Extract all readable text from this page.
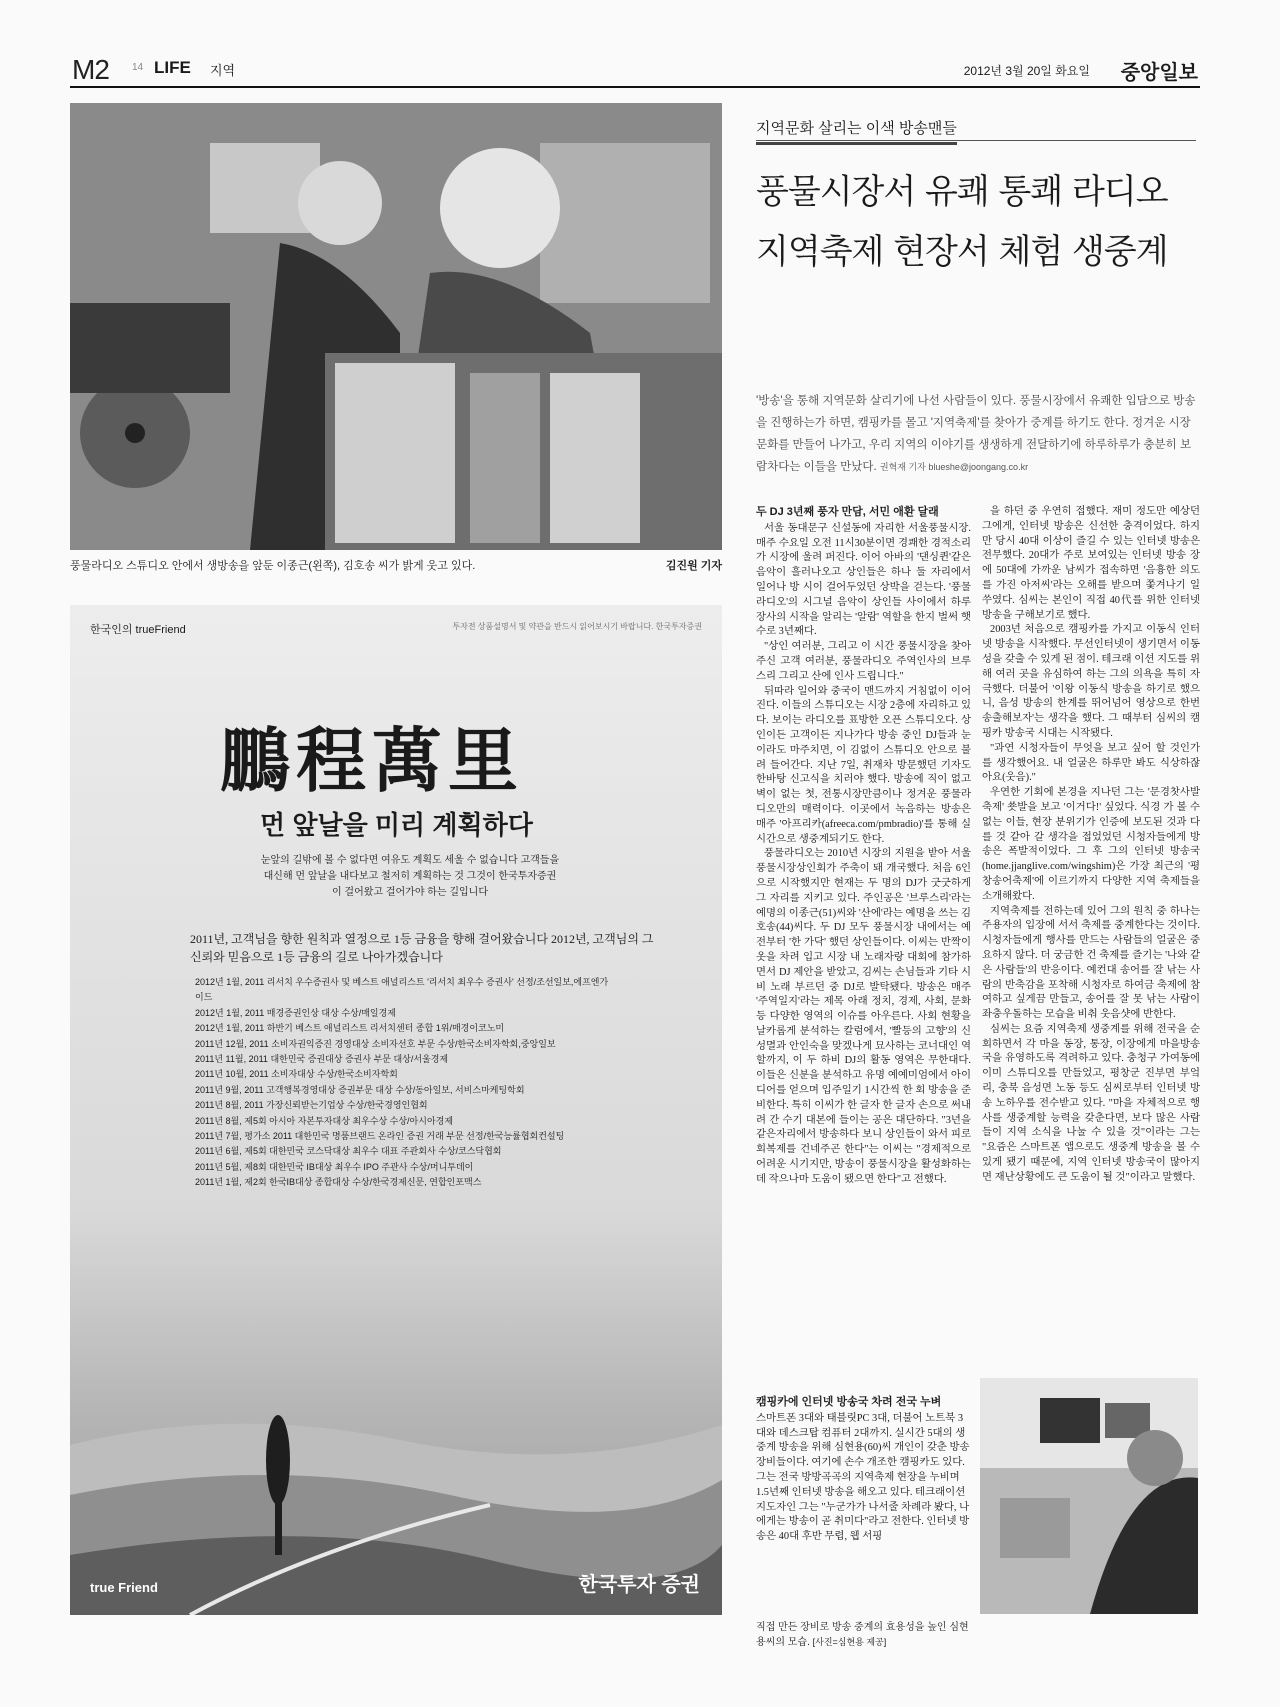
M2 14 LIFE 지역	2012년 3월 20일 화요일 중앙일보
풍물라디오 스튜디오 안에서 생방송을 앞둔 이종근(왼쪽), 김호송 씨가 밝게 웃고 있다.	김진원 기자
한국인의 trueFriend	투자전 상품설명서 및 약관을 반드시 읽어보시기 바랍니다. 한국투자증권
鵬程萬里
먼 앞날을 미리 계획하다
눈앞의 길밖에 볼 수 없다면 여유도 계획도 세울 수 없습니다 고객들을 대신해 먼 앞날을 내다보고 철저히 계획하는 것 그것이 한국투자증권이 걸어왔고 걸어가야 하는 길입니다
2011년, 고객님을 향한 원칙과 열정으로 1등 금융을 향해 걸어왔습니다 2012년, 고객님의 그 신뢰와 믿음으로 1등 금융의 길로 나아가겠습니다
2012년 1월, 2011 리서치 우수증권사 및 베스트 애널리스트 '리서치 최우수 증권사' 선정/조선일보,에프엔가이드
2012년 1월, 2011 매경증권인상 대상 수상/매일경제
2012년 1월, 2011 하반기 베스트 애널리스트 리서치센터 종합 1위/매경이코노미
2011년 12월, 2011 소비자권익증진 경영대상 소비자선호 부문 수상/한국소비자학회,중앙일보
2011년 11월, 2011 대한민국 증권대상 증권사 부문 대상/서울경제
2011년 10월, 2011 소비자대상 수상/한국소비자학회
2011년 9월, 2011 고객행복경영대상 증권부문 대상 수상/동아일보, 서비스마케팅학회
2011년 8월, 2011 가장신뢰받는기업상 수상/한국경영인협회
2011년 8월, 제5회 아시아 자본투자대상 최우수상 수상/아시아경제
2011년 7월, 평가소 2011 대한민국 명품브랜드 온라인 증권 거래 부문 선정/한국능률협회컨설팅
2011년 6월, 제5회 대한민국 코스닥대상 최우수 대표 주관회사 수상/코스닥협회
2011년 5월, 제8회 대한민국 IB대상 최우수 IPO 주관사 수상/머니투데이
2011년 1월, 제2회 한국IB대상 종합대상 수상/한국경제신문, 연합인포맥스
true Friend	한국투자 증권
지역문화 살리는 이색 방송맨들
풍물시장서 유쾌 통쾌 라디오
지역축제 현장서 체험 생중계
'방송'을 통해 지역문화 살리기에 나선 사람들이 있다. 풍물시장에서 유쾌한 입담으로 방송을 진행하는가 하면, 캠핑카를 몰고 '지역축제'를 찾아가 중계를 하기도 한다. 정겨운 시장 문화를 만들어 나가고, 우리 지역의 이야기를 생생하게 전달하기에 하루하루가 충분히 보람차다는 이들을 만났다. 권혁재 기자 blueshe@joongang.co.kr
두 DJ 3년째 풍자 만담, 서민 애환 달래

서울 동대문구 신설동에 자리한 서울풍물시장. 매주 수요일 오전 11시30분이면 경쾌한 경적소리가 시장에 울려 퍼진다. 이어 아바의 '댄싱퀸'같은 음악이 흘러나오고 상인들은 하나 둘 자리에서 일어나 방 시이 걸어두었던 상박을 걷는다. '풍물라디오'의 시그널 음악이 상인들 사이에서 하루 장사의 시작을 알리는 '알람' 역할을 한지 벌써 햇수로 3년째다.

"상인 여러분, 그리고 이 시간 풍물시장을 찾아주신 고객 여러분, 풍물라디오 주역인사의 브루스리 그리고 산에 인사 드립니다."

뒤따라 일어와 중국이 맨드까지 거침없이 이어진다. 이들의 스튜디오는 시장 2층에 자리하고 있다. 보이는 라디오를 표방한 오픈 스튜디오다. 상인이든 고객이든 지나가다 방송 중인 DJ들과 눈이라도 마주치면, 이 김없이 스튜디오 안으로 불려 들어간다. 지난 7일, 취재차 방문했던 기자도 한바탕 신고식을 치러야 했다. 방송에 직이 없고 벽이 없는 첫, 전통시장만큼이나 정겨운 풍물라디오만의 매력이다. 이곳에서 녹음하는 방송은 매주 '아프리카(afreeca.com/pmbradio)'를 통해 실시간으로 생중계되기도 한다.

풍물라디오는 2010년 시장의 지원을 받아 서울풍물시장상인회가 주축이 돼 개국했다. 처음 6인으로 시작했지만 현재는 두 명의 DJ가 굿굿하게 그 자리를 지키고 있다. 주인공은 '브루스리'라는 예명의 이종근(51)씨와 '산에'라는 예명을 쓰는 김호송(44)씨다. 두 DJ 모두 풍물시장 내에서는 예전부터 '한 가닥' 했던 상인들이다. 이씨는 반짝이옷을 차려 입고 시장 내 노래자랑 대회에 참가하면서 DJ 제안을 받았고, 김씨는 손님들과 기타 시비 노래 부르던 중 DJ로 발탁됐다. 방송은 매주 '주역일지'라는 제목 아래 정치, 경제, 사회, 문화 등 다양한 영역의 이슈를 아우른다. 사회 현황을 날카롭게 분석하는 칼럼에서, '빨등의 고향'의 신성멸과 안인숙을 맞겠나게 묘사하는 코너대인 역할까지, 이 두 하비 DJ의 활동 영역은 무한대다. 이들은 신분을 분석하고 유명 예예미엄에서 아이디어를 얻으며 입주일기 1시간씩 한 회 방송을 준비한다. 특히 이씨가 한 글자 한 글자 손으로 써내려 간 수기 대본에 들이는 공은 대단하다. "3년을 같은자리에서 방송하다 보니 상인들이 와서 피로회복제를 건네주곤 한다"는 이씨는 "경제적으로 어려운 시기지만, 방송이 풍물시장을 활성화하는데 작으나마 도움이 됐으면 한다"고 전했다.

을 하던 중 우연히 접했다. 재미 정도만 예상던 그에게, 인터넷 방송은 신선한 충격이었다. 하지만 당시 40대 이상이 즐길 수 있는 인터넷 방송은 전무했다. 20대가 주로 보여있는 인터넷 방송 장에 50대에 가까운 남씨가 접속하면 '음흉한 의도를 가진 아저씨'라는 오해를 받으며 쫓겨나기 일쑤였다. 심씨는 본인이 직접 40代를 위한 인터넷 방송을 구해보기로 했다.

2003년 처음으로 캠핑카를 가지고 이동식 인터넷 방송을 시작했다. 무선인터넷이 생기면서 이동성을 갖출 수 있게 된 점이. 테크래 이션 지도를 위해 여러 곳을 유심하여 하는 그의 의욕을 특히 자극했다. 더불어 '이왕 이동식 방송을 하기로 했으니, 음성 방송의 한계를 뛰어넘어 영상으로 한번 송출해보자'는 생각을 했다. 그 때부터 심씨의 캠핑카 방송국 시대는 시작됐다.

"과연 시청자들이 무엇을 보고 싶어 할 것인가를 생각했어요. 내 얼굴은 하루만 봐도 식상하잖아요(웃음)."

우연한 기회에 본경을 지나던 그는 '문경찻사발축제' 쑛발을 보고 '이거다!' 싶었다. 식경 가 볼 수 없는 이들, 현장 분위기가 인증에 보도된 것과 다를 것 같아 갈 생각을 접었었던 시청자들에게 방송은 폭발적이었다. 그 후 그의 인터넷 방송국(home.jjanglive.com/wingshim)은 가장 최근의 '평창송어축제'에 이르기까지 다양한 지역 축제들을 소개해왔다.

지역축제를 전하는데 있어 그의 원칙 중 하나는 주용자의 입장에 서서 축제를 중계한다는 것이다. 시청자들에게 행사를 만드는 사람들의 얼굴은 중요하지 않다. 더 궁금한 건 축제를 즐기는 '나와 같은 사람들'의 반응이다. 예컨대 송어를 잘 낚는 사람의 반축감을 포착해 시청자로 하여금 축제에 참여하고 싶게끔 만들고, 송어를 잘 못 낚는 사람이 좌충우돌하는 모습을 비춰 웃음샷에 반한다.

심씨는 요즘 지역축제 생중계를 위해 전국을 순회하면서 각 마을 동장, 통장, 이장에게 마을방송국을 유영하도록 격려하고 있다. 충청구 가여동에 이미 스튜디오를 만들었고, 평창군 진부면 부엌리, 충북 음성면 노동 등도 심씨로부터 인터넷 방송 노하우를 전수받고 있다. "마을 자체적으로 행사를 생중계할 능력을 갖춘다면, 보다 많은 사람들이 지역 소식을 나눌 수 있을 것"이라는 그는 "요즘은 스마트폰 앱으로도 생중계 방송을 볼 수 있게 됐기 때문에, 지역 인터넷 방송국이 많아지면 재난상황에도 큰 도움이 될 것"이라고 말했다.

캠핑카에 인터넷 방송국 차려 전국 누벼

스마트폰 3대와 태블릿PC 3대, 더불어 노트북 3대와 데스크탑 컴퓨터 2대까지. 실시간 5대의 생중계 방송을 위해 심현용(60)씨 개인이 갖춘 방송장비들이다. 여기에 손수 개조한 캠핑카도 있다. 그는 전국 방방곡곡의 지역축제 현장을 누비며 1.5년째 인터넷 방송을 해오고 있다. 테크래이션 지도자인 그는 "누군가가 나서줄 차례라 봤다, 나에게는 방송이 곧 취미다"라고 전한다. 인터넷 방송은 40대 후반 무렵, 웹 서핑

직접 만든 장비로 방송 중계의 효용성을 높인 심현용씨의 모습. [사진=심현용 제공]
